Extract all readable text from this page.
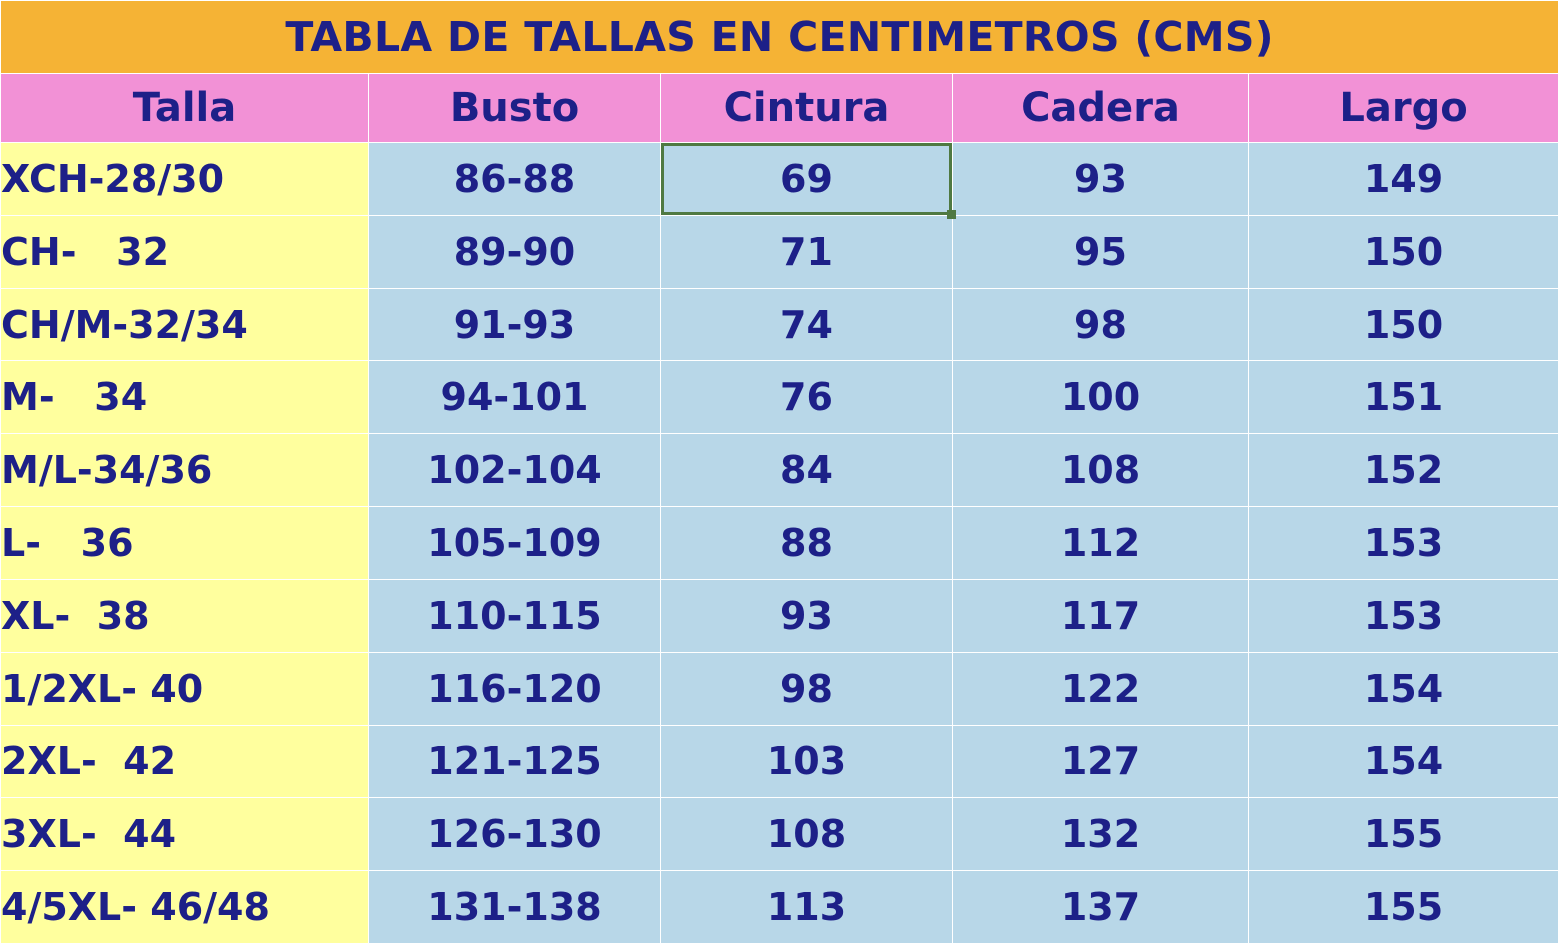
TABLA DE TALLAS EN CENTIMETROS (CMS)				
Talla	Busto	Cintura	Cadera	Largo
XCH-28/30	86-88	69	93	149
CH-   32	89-90	71	95	150
CH/M-32/34	91-93	74	98	150
M-   34	94-101	76	100	151
M/L-34/36	102-104	84	108	152
L-   36	105-109	88	112	153
XL-  38	110-115	93	117	153
1/2XL- 40	116-120	98	122	154
2XL-  42	121-125	103	127	154
3XL-  44	126-130	108	132	155
4/5XL- 46/48	131-138	113	137	155
